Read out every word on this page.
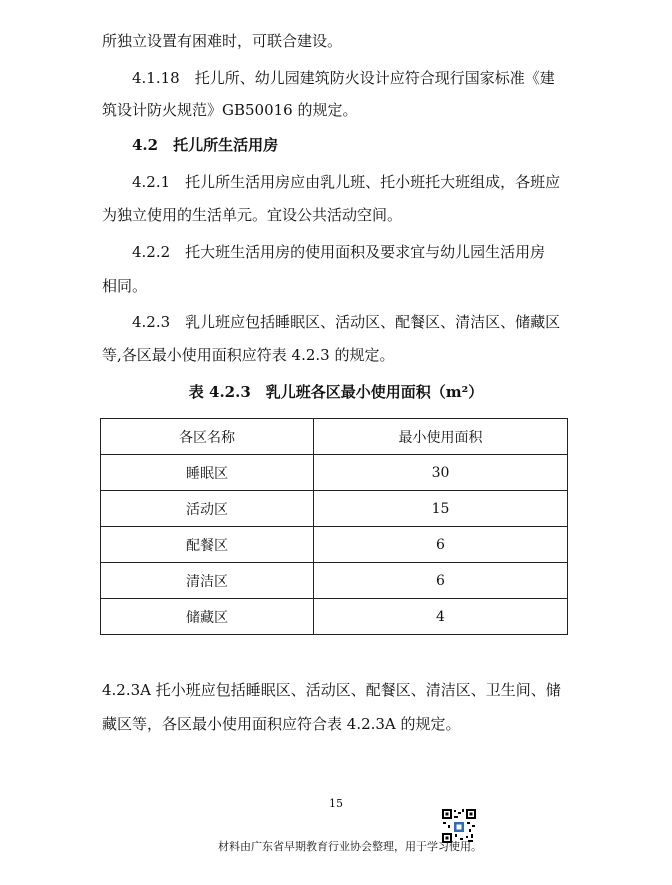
所独立设置有困难时，可联合建设。
4.1.18　托儿所、幼儿园建筑防火设计应符合现行国家标准《建
筑设计防火规范》GB50016 的规定。
4.2　托儿所生活用房
4.2.1　托儿所生活用房应由乳儿班、托小班托大班组成，各班应
为独立使用的生活单元。宜设公共活动空间。
4.2.2　托大班生活用房的使用面积及要求宜与幼儿园生活用房
相同。
4.2.3　乳儿班应包括睡眠区、活动区、配餐区、清洁区、储藏区
等,各区最小使用面积应符表 4.2.3 的规定。
表 4.2.3　乳儿班各区最小使用面积（m²）
各区名称	最小使用面积
睡眠区	30
活动区	15
配餐区	6
清洁区	6
储藏区	4
4.2.3A 托小班应包括睡眠区、活动区、配餐区、清洁区、卫生间、储
藏区等，各区最小使用面积应符合表 4.2.3A 的规定。
15
材料由广东省早期教育行业协会整理，用于学习使用。
